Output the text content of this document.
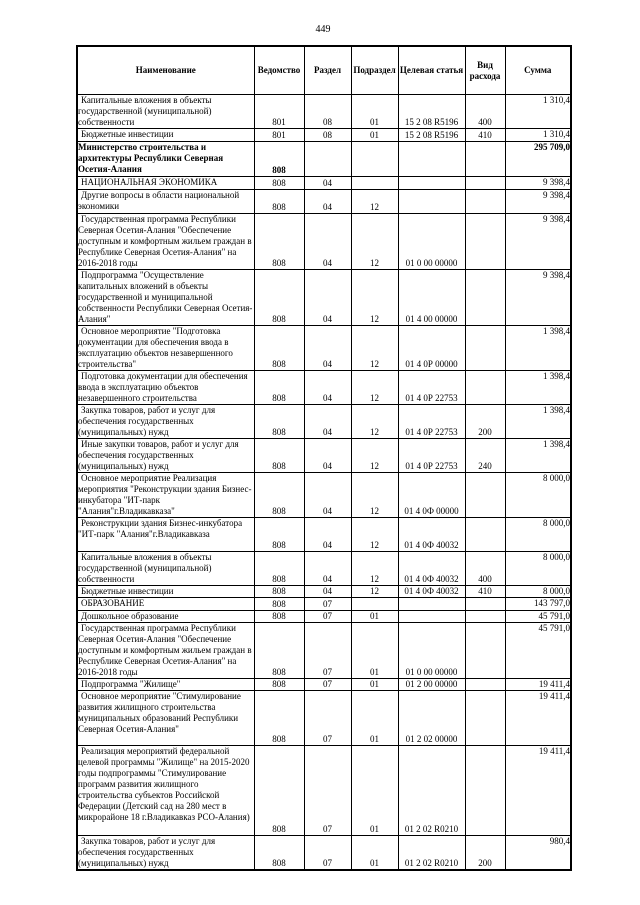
449
Наименование	Ведомство	Раздел	Подраздел	Целевая статья	Вид расхода	Сумма

Капитальные вложения в объекты государственной (муниципальной) собственности	801	08	01	15 2 08 R5196	400	1 310,4

Бюджетные инвестиции	801	08	01	15 2 08 R5196	410	1 310,4

Министерство строительства и архитектуры Республики Северная Осетия-Алания	808					295 709,0

НАЦИОНАЛЬНАЯ ЭКОНОМИКА	808	04				9 398,4

Другие вопросы в области национальной экономики	808	04	12			9 398,4

Государственная программа Республики Северная Осетия-Алания "Обеспечение доступным и комфортным жильем граждан в Республике Северная Осетия-Алания" на 2016-2018 годы	808	04	12	01 0 00 00000		9 398,4

Подпрограмма "Осуществление капитальных вложений в объекты государственной и муниципальной собственности Республики Северная Осетия-Алания"	808	04	12	01 4 00 00000		9 398,4

Основное мероприятие "Подготовка документации для обеспечения ввода в эксплуатацию объектов незавершенного строительства"	808	04	12	01 4 0Р 00000		1 398,4

Подготовка документации для обеспечения ввода в эксплуатацию объектов незавершенного строительства	808	04	12	01 4 0Р 22753		1 398,4

Закупка товаров, работ и услуг для обеспечения государственных (муниципальных) нужд	808	04	12	01 4 0Р 22753	200	1 398,4

Иные закупки товаров, работ и услуг для обеспечения государственных (муниципальных) нужд	808	04	12	01 4 0Р 22753	240	1 398,4

Основное мероприятие Реализация мероприятия "Реконструкции здания Бизнес-инкубатора "ИТ-парк "Алания"г.Владикавказа"	808	04	12	01 4 0Ф 00000		8 000,0

Реконструкции здания Бизнес-инкубатора "ИТ-парк "Алания"г.Владикавказа	808	04	12	01 4 0Ф 40032		8 000,0

Капитальные вложения в объекты государственной (муниципальной) собственности	808	04	12	01 4 0Ф 40032	400	8 000,0

Бюджетные инвестиции	808	04	12	01 4 0Ф 40032	410	8 000,0

ОБРАЗОВАНИЕ	808	07				143 797,0

Дошкольное образование	808	07	01			45 791,0

Государственная программа Республики Северная Осетия-Алания "Обеспечение доступным и комфортным жильем граждан в Республике Северная Осетия-Алания" на 2016-2018 годы	808	07	01	01 0 00 00000		45 791,0

Подпрограмма "Жилище"	808	07	01	01 2 00 00000		19 411,4

Основное мероприятие "Стимулирование развития жилищного строительства муниципальных образований Республики Северная Осетия-Алания"	808	07	01	01 2 02 00000		19 411,4

Реализация мероприятий федеральной целевой программы "Жилище" на 2015-2020 годы подпрограммы "Стимулирование программ развития жилищного строительства субъектов Российской Федерации (Детский сад на 280 мест в микрорайоне 18 г.Владикавказ РСО-Алания)	808	07	01	01 2 02 R0210		19 411,4

Закупка товаров, работ и услуг для обеспечения государственных (муниципальных) нужд	808	07	01	01 2 02 R0210	200	980,4
